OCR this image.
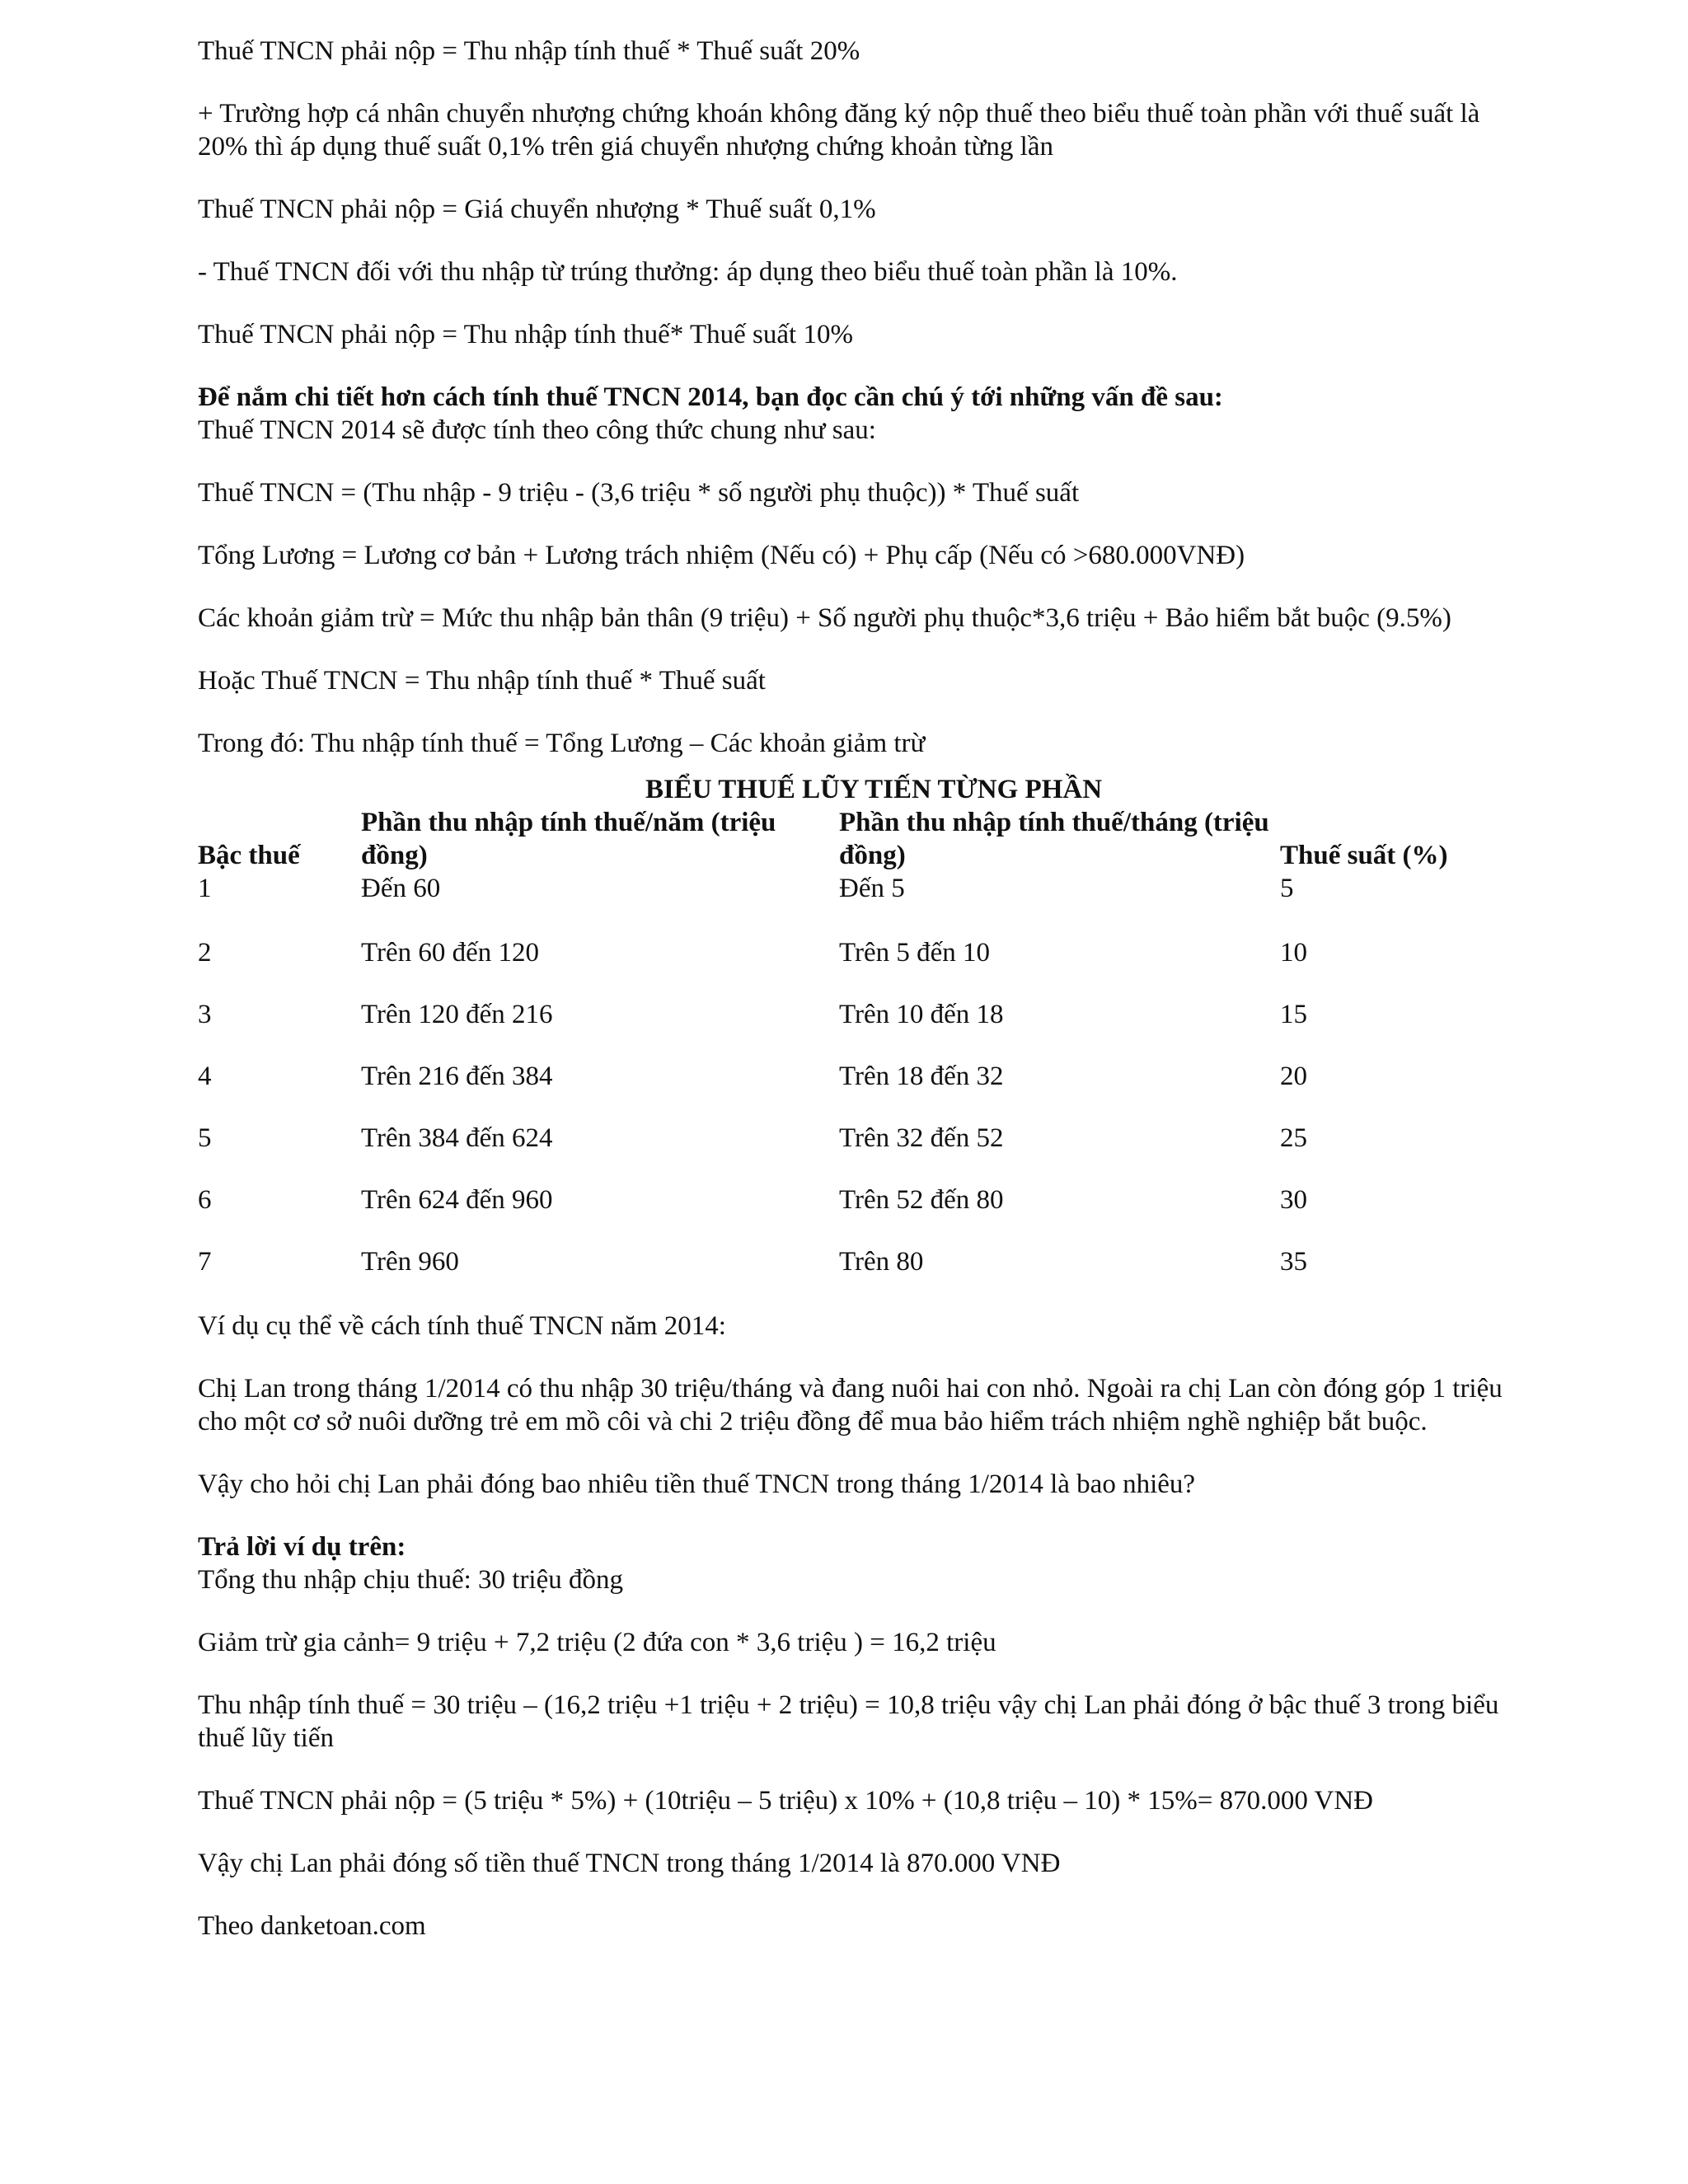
Thuế TNCN phải nộp = Thu nhập tính thuế * Thuế suất 20%

+ Trường hợp cá nhân chuyển nhượng chứng khoán không đăng ký nộp thuế theo biểu thuế toàn phần với thuế suất là 20% thì áp dụng thuế suất 0,1% trên giá chuyển nhượng chứng khoản từng lần

Thuế TNCN phải nộp = Giá chuyển nhượng * Thuế suất 0,1%

- Thuế TNCN đối với thu nhập từ trúng thưởng: áp dụng theo biểu thuế toàn phần là 10%.

Thuế TNCN phải nộp = Thu nhập tính thuế* Thuế suất 10%

Để nắm chi tiết hơn cách tính thuế TNCN 2014, bạn đọc cần chú ý tới những vấn đề sau:

Thuế TNCN 2014 sẽ được tính theo công thức chung như sau:

Thuế TNCN = (Thu nhập - 9 triệu - (3,6 triệu * số người phụ thuộc)) * Thuế suất

Tổng Lương = Lương cơ bản + Lương trách nhiệm (Nếu có) + Phụ cấp (Nếu có >680.000VNĐ)

Các khoản giảm trừ = Mức thu nhập bản thân (9 triệu) + Số người phụ thuộc*3,6 triệu + Bảo hiểm bắt buộc (9.5%)

Hoặc Thuế TNCN = Thu nhập tính thuế * Thuế suất

Trong đó: Thu nhập tính thuế = Tổng Lương – Các khoản giảm trừ

BIỂU THUẾ LŨY TIẾN TỪNG PHẦN

Bậc thuế	Phần thu nhập tính thuế/năm (triệu đồng)	Phần thu nhập tính thuế/tháng (triệu đồng)	Thuế suất (%)
1	Đến 60	Đến 5	5
2	Trên 60 đến 120	Trên 5 đến 10	10
3	Trên 120 đến 216	Trên 10 đến 18	15
4	Trên 216 đến 384	Trên 18 đến 32	20
5	Trên 384 đến 624	Trên 32 đến 52	25
6	Trên 624 đến 960	Trên 52 đến 80	30
7	Trên 960	Trên 80	35

Ví dụ cụ thể về cách tính thuế TNCN năm 2014:

Chị Lan trong tháng 1/2014 có thu nhập 30 triệu/tháng và đang nuôi hai con nhỏ. Ngoài ra chị Lan còn đóng góp 1 triệu cho một cơ sở nuôi dưỡng trẻ em mồ côi và chi 2 triệu đồng để mua bảo hiểm trách nhiệm nghề nghiệp bắt buộc.

Vậy cho hỏi chị Lan phải đóng bao nhiêu tiền thuế TNCN trong tháng 1/2014 là bao nhiêu?

Trả lời ví dụ trên:

Tổng thu nhập chịu thuế: 30 triệu đồng

Giảm trừ gia cảnh= 9 triệu + 7,2 triệu (2 đứa con * 3,6 triệu ) = 16,2 triệu

Thu nhập tính thuế = 30 triệu – (16,2 triệu +1 triệu + 2 triệu) = 10,8 triệu vậy chị Lan phải đóng ở bậc thuế 3 trong biểu thuế lũy tiến

Thuế TNCN phải nộp = (5 triệu * 5%) + (10triệu – 5 triệu) x 10% + (10,8 triệu – 10) * 15%= 870.000 VNĐ

Vậy chị Lan phải đóng số tiền thuế TNCN trong tháng 1/2014 là 870.000 VNĐ

Theo danketoan.com
